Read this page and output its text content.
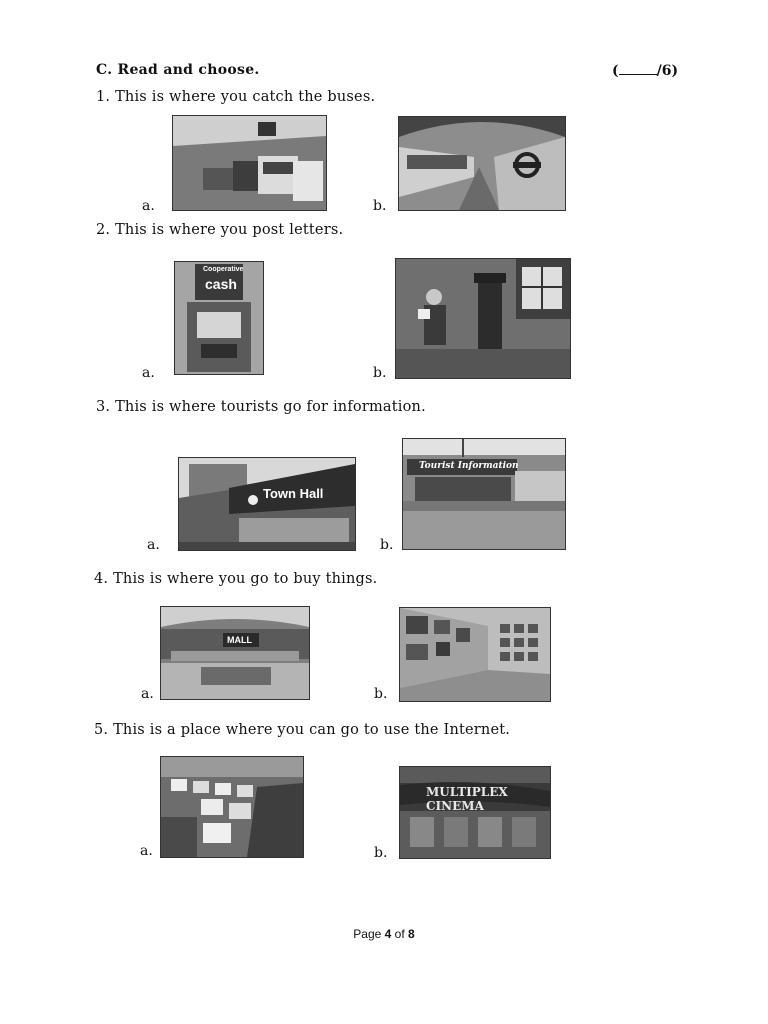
C. Read and choose.	(	/6)
1. This is where you catch the buses.
a.	b.
2. This is where you post letters.
a.
Cooperative
cash
b.
3. This is where tourists go for information.
a.
Town Hall
b.
Tourist Information
4. This is where you go to buy things.
a.
MALL
b.
5. This is a place where you can go to use the Internet.
a.	b.
MULTIPLEX CINEMA
Page 4 of 8
